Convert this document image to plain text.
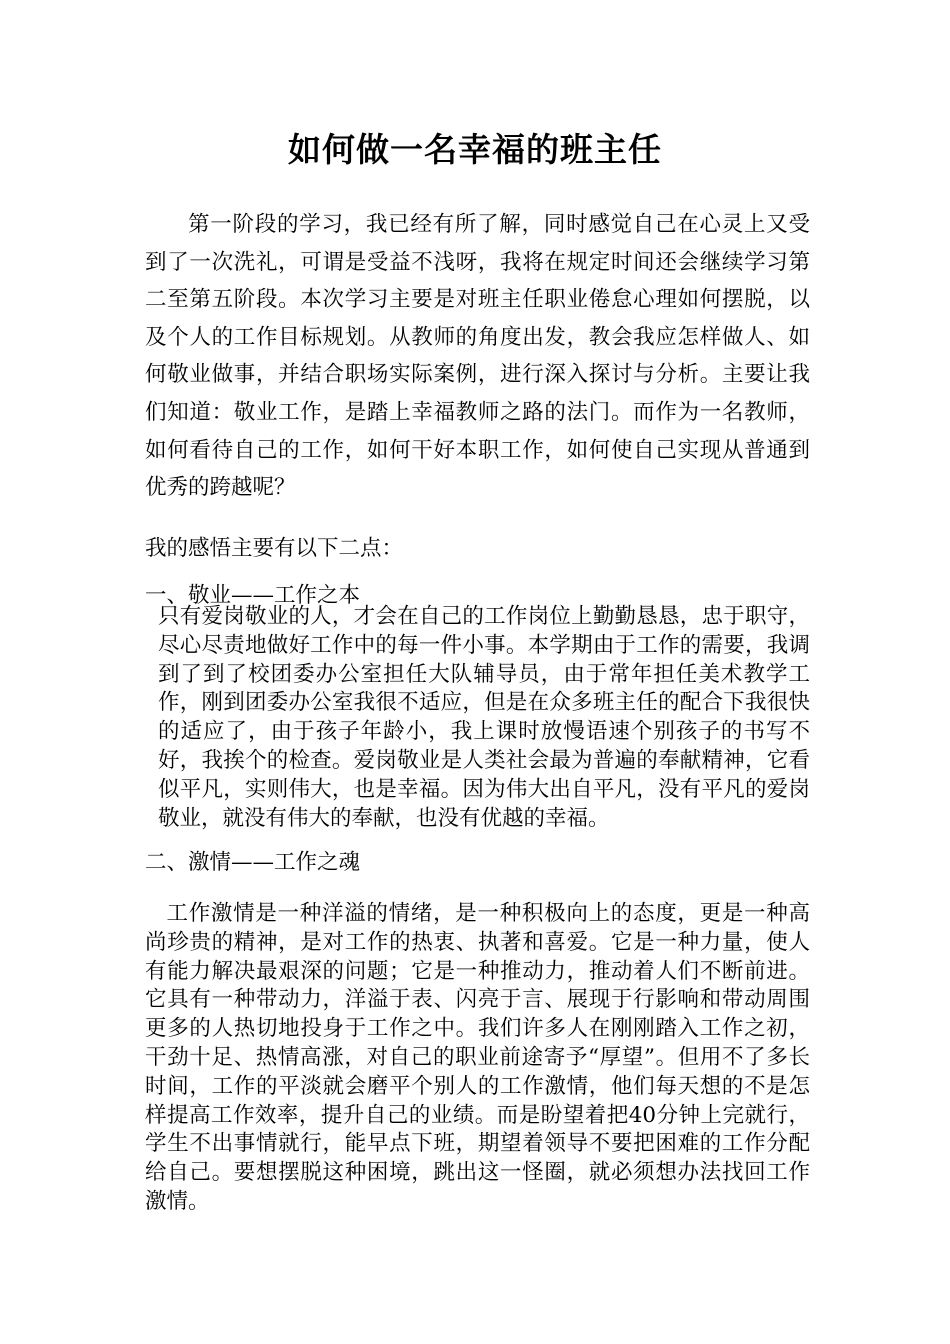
如何做一名幸福的班主任

第一阶段的学习，我已经有所了解，同时感觉自己在心灵上又受到了一次洗礼，可谓是受益不浅呀，我将在规定时间还会继续学习第二至第五阶段。本次学习主要是对班主任职业倦怠心理如何摆脱，以及个人的工作目标规划。从教师的角度出发，教会我应怎样做人、如何敬业做事，并结合职场实际案例，进行深入探讨与分析。主要让我们知道：敬业工作，是踏上幸福教师之路的法门。而作为一名教师，如何看待自己的工作，如何干好本职工作，如何使自己实现从普通到优秀的跨越呢？

我的感悟主要有以下二点：

一、敬业——工作之本

只有爱岗敬业的人，才会在自己的工作岗位上勤勤恳恳，忠于职守，尽心尽责地做好工作中的每一件小事。本学期由于工作的需要，我调到了到了校团委办公室担任大队辅导员，由于常年担任美术教学工作，刚到团委办公室我很不适应，但是在众多班主任的配合下我很快的适应了，由于孩子年龄小，我上课时放慢语速个别孩子的书写不好，我挨个的检查。爱岗敬业是人类社会最为普遍的奉献精神，它看似平凡，实则伟大，也是幸福。因为伟大出自平凡，没有平凡的爱岗敬业，就没有伟大的奉献，也没有优越的幸福。

二、激情——工作之魂

工作激情是一种洋溢的情绪，是一种积极向上的态度，更是一种高尚珍贵的精神，是对工作的热衷、执著和喜爱。它是一种力量，使人有能力解决最艰深的问题；它是一种推动力，推动着人们不断前进。它具有一种带动力，洋溢于表、闪亮于言、展现于行影响和带动周围更多的人热切地投身于工作之中。我们许多人在刚刚踏入工作之初，干劲十足、热情高涨，对自己的职业前途寄予“厚望”。但用不了多长时间，工作的平淡就会磨平个别人的工作激情，他们每天想的不是怎样提高工作效率，提升自己的业绩。而是盼望着把40分钟上完就行，学生不出事情就行，能早点下班，期望着领导不要把困难的工作分配给自己。要想摆脱这种困境，跳出这一怪圈，就必须想办法找回工作激情。
